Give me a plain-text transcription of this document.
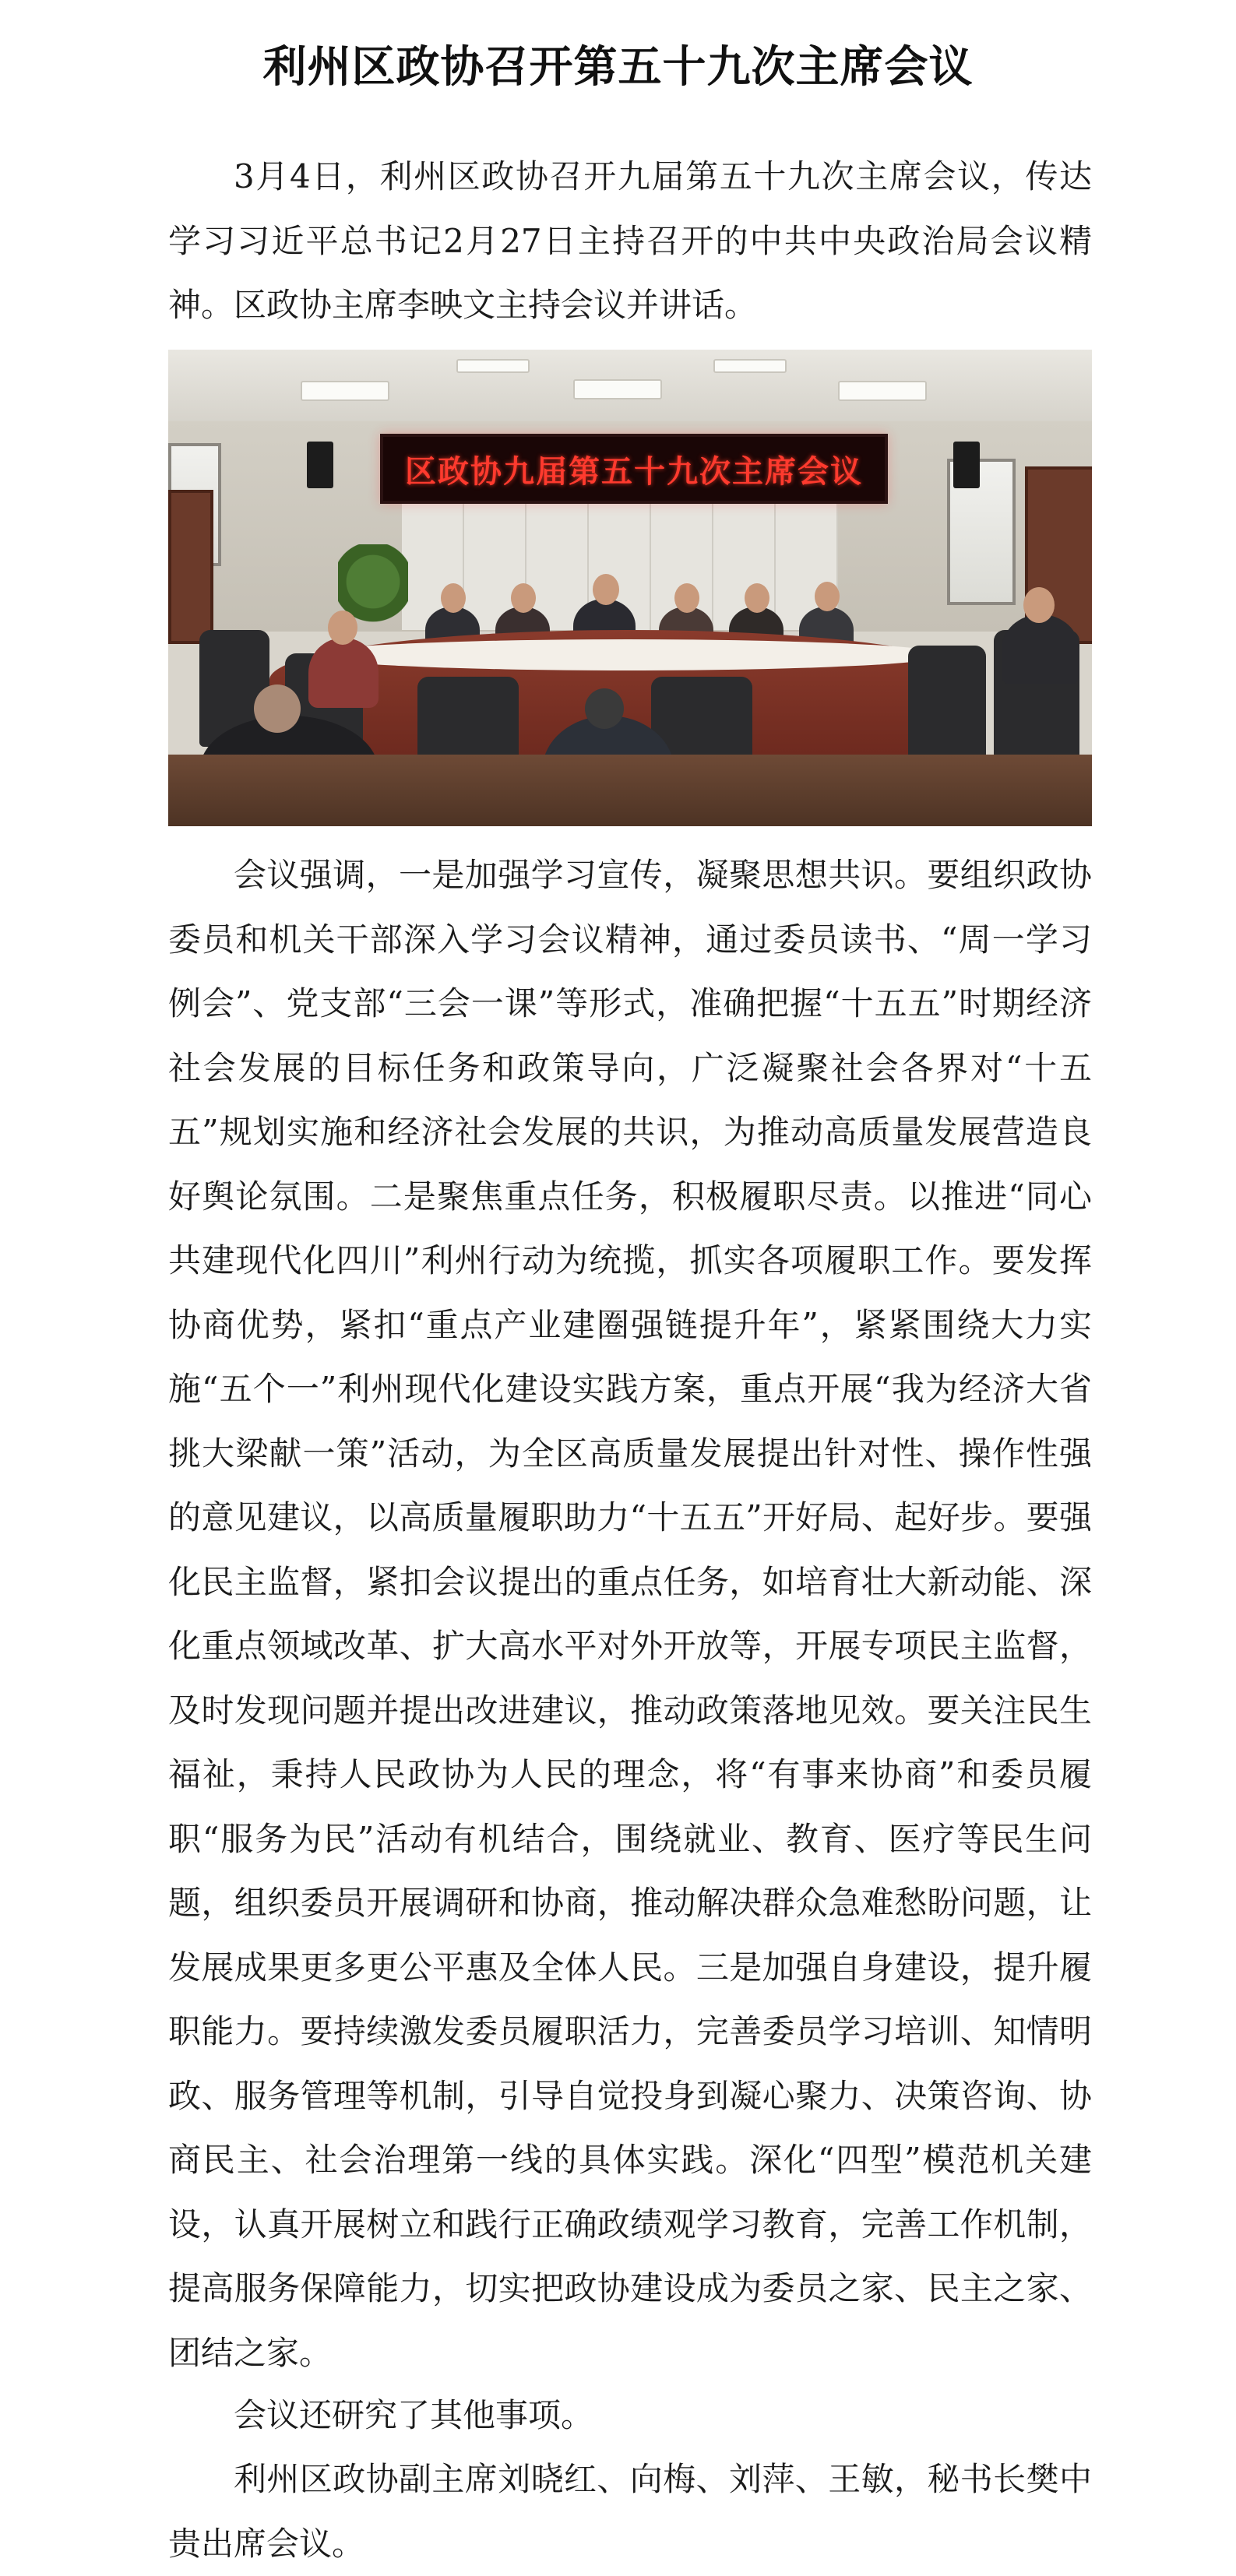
利州区政协召开第五十九次主席会议

3月4日，利州区政协召开九届第五十九次主席会议，传达学习习近平总书记2月27日主持召开的中共中央政治局会议精神。区政协主席李映文主持会议并讲话。

区政协九届第五十九次主席会议

会议强调，一是加强学习宣传，凝聚思想共识。要组织政协委员和机关干部深入学习会议精神，通过委员读书、“周一学习例会”、党支部“三会一课”等形式，准确把握“十五五”时期经济社会发展的目标任务和政策导向，广泛凝聚社会各界对“十五五”规划实施和经济社会发展的共识，为推动高质量发展营造良好舆论氛围。二是聚焦重点任务，积极履职尽责。以推进“同心共建现代化四川”利州行动为统揽，抓实各项履职工作。要发挥协商优势，紧扣“重点产业建圈强链提升年”，紧紧围绕大力实施“五个一”利州现代化建设实践方案，重点开展“我为经济大省挑大梁献一策”活动，为全区高质量发展提出针对性、操作性强的意见建议，以高质量履职助力“十五五”开好局、起好步。要强化民主监督，紧扣会议提出的重点任务，如培育壮大新动能、深化重点领域改革、扩大高水平对外开放等，开展专项民主监督，及时发现问题并提出改进建议，推动政策落地见效。要关注民生福祉，秉持人民政协为人民的理念，将“有事来协商”和委员履职“服务为民”活动有机结合，围绕就业、教育、医疗等民生问题，组织委员开展调研和协商，推动解决群众急难愁盼问题，让发展成果更多更公平惠及全体人民。三是加强自身建设，提升履职能力。要持续激发委员履职活力，完善委员学习培训、知情明政、服务管理等机制，引导自觉投身到凝心聚力、决策咨询、协商民主、社会治理第一线的具体实践。深化“四型”模范机关建设，认真开展树立和践行正确政绩观学习教育，完善工作机制，提高服务保障能力，切实把政协建设成为委员之家、民主之家、团结之家。

会议还研究了其他事项。

利州区政协副主席刘晓红、向梅、刘萍、王敏，秘书长樊中贵出席会议。
